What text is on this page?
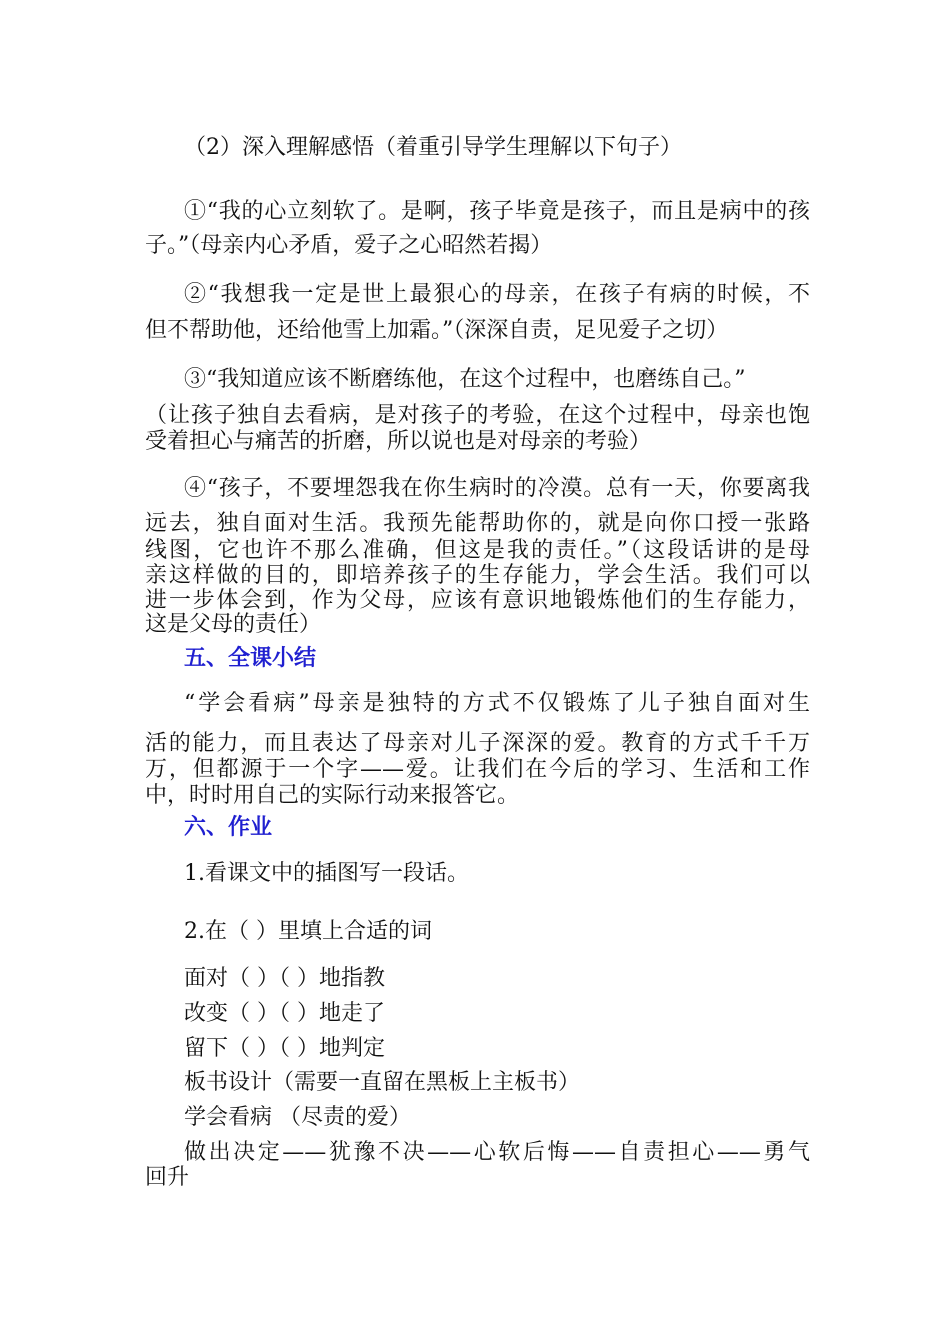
（2）深入理解感悟（着重引导学生理解以下句子）
①“我的心立刻软了。是啊，孩子毕竟是孩子，而且是病中的孩
子。”（母亲内心矛盾，爱子之心昭然若揭）
②“我想我一定是世上最狠心的母亲，在孩子有病的时候，不
但不帮助他，还给他雪上加霜。”（深深自责，足见爱子之切）
③“我知道应该不断磨练他，在这个过程中，也磨练自己。”
（让孩子独自去看病，是对孩子的考验，在这个过程中，母亲也饱
受着担心与痛苦的折磨，所以说也是对母亲的考验）
④“孩子，不要埋怨我在你生病时的冷漠。总有一天，你要离我
远去，独自面对生活。我预先能帮助你的，就是向你口授一张路
线图，它也许不那么准确，但这是我的责任。”（这段话讲的是母
亲这样做的目的，即培养孩子的生存能力，学会生活。我们可以
进一步体会到，作为父母，应该有意识地锻炼他们的生存能力，
这是父母的责任）
五、全课小结
“学会看病”母亲是独特的方式不仅锻炼了儿子独自面对生
活的能力，而且表达了母亲对儿子深深的爱。教育的方式千千万
万，但都源于一个字——爱。让我们在今后的学习、生活和工作
中，时时用自己的实际行动来报答它。
六、作业
1.看课文中的插图写一段话。
2.在（ ）里填上合适的词
面对（ ）（ ）地指教
改变（ ）（ ）地走了
留下（ ）（ ）地判定
板书设计（需要一直留在黑板上主板书）
学会看病 （尽责的爱）
做出决定——犹豫不决——心软后悔——自责担心——勇气
回升
